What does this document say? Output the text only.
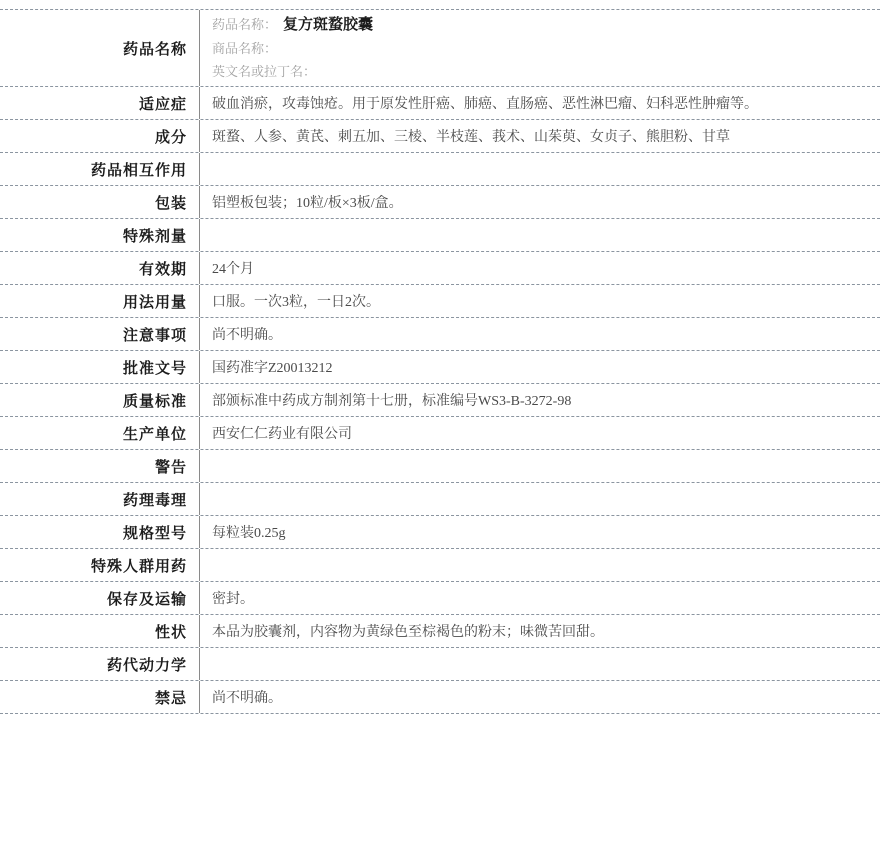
药品名称
药品名称： 复方斑蝥胶囊
商品名称：
英文名或拉丁名：
适应症	破血消瘀，攻毒蚀疮。用于原发性肝癌、肺癌、直肠癌、恶性淋巴瘤、妇科恶性肿瘤等。
成分	斑蝥、人参、黄芪、刺五加、三棱、半枝莲、莪术、山茱萸、女贞子、熊胆粉、甘草
药品相互作用
包装	铝塑板包装；10粒/板×3板/盒。
特殊剂量
有效期	24个月
用法用量	口服。一次3粒，一日2次。
注意事项	尚不明确。
批准文号	国药准字Z20013212
质量标准	部颁标准中药成方制剂第十七册，标准编号WS3-B-3272-98
生产单位	西安仁仁药业有限公司
警告
药理毒理
规格型号	每粒装0.25g
特殊人群用药
保存及运输	密封。
性状	本品为胶囊剂，内容物为黄绿色至棕褐色的粉末；味微苦回甜。
药代动力学
禁忌	尚不明确。
